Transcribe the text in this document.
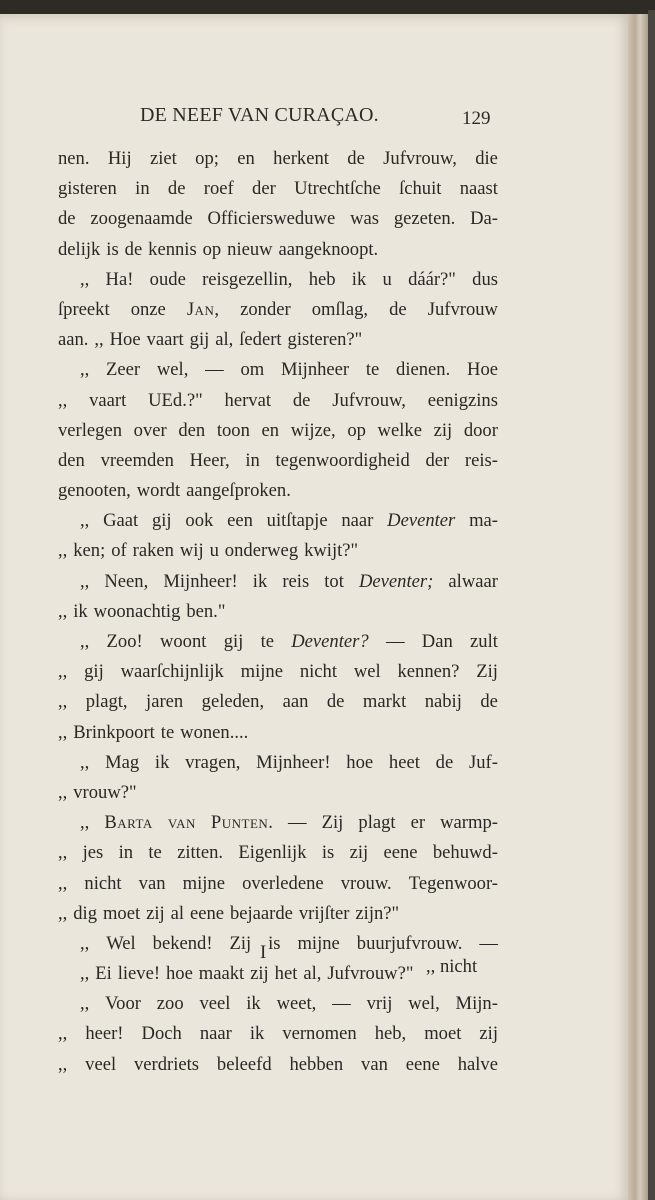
DE NEEF VAN CURAÇAO.	129
nen. Hij ziet op; en herkent de Jufvrouw, die
gisteren in de roef der Utrechtſche ſchuit naast
de zoogenaamde Officiersweduwe was gezeten. Da-
delijk is de kennis op nieuw aangeknoopt.
,, Ha! oude reisgezellin, heb ik u dáár?" dus
ſpreekt onze Jan, zonder omſlag, de Jufvrouw
aan. ,, Hoe vaart gij al, ſedert gisteren?"
,, Zeer wel, — om Mijnheer te dienen. Hoe
,, vaart UEd.?" hervat de Jufvrouw, eenigzins
verlegen over den toon en wijze, op welke zij door
den vreemden Heer, in tegenwoordigheid der reis-
genooten, wordt aangeſproken.
,, Gaat gij ook een uitſtapje naar Deventer ma-
,, ken; of raken wij u onderweg kwijt?"
,, Neen, Mijnheer! ik reis tot Deventer; alwaar
,, ik woonachtig ben."
,, Zoo! woont gij te Deventer? — Dan zult
,, gij waarſchijnlijk mijne nicht wel kennen? Zij
,, plagt, jaren geleden, aan de markt nabij de
,, Brinkpoort te wonen....
,, Mag ik vragen, Mijnheer! hoe heet de Juf-
,, vrouw?"
,, Barta van Punten. — Zij plagt er warmp-
,, jes in te zitten. Eigenlijk is zij eene behuwd-
,, nicht van mijne overledene vrouw. Tegenwoor-
,, dig moet zij al eene bejaarde vrijſter zijn?"
,, Wel bekend! Zij is mijne buurjufvrouw. —
,, Ei lieve! hoe maakt zij het al, Jufvrouw?"
,, Voor zoo veel ik weet, — vrij wel, Mijn-
,, heer! Doch naar ik vernomen heb, moet zij
,, veel verdriets beleefd hebben van eene halve
I
,, nicht
